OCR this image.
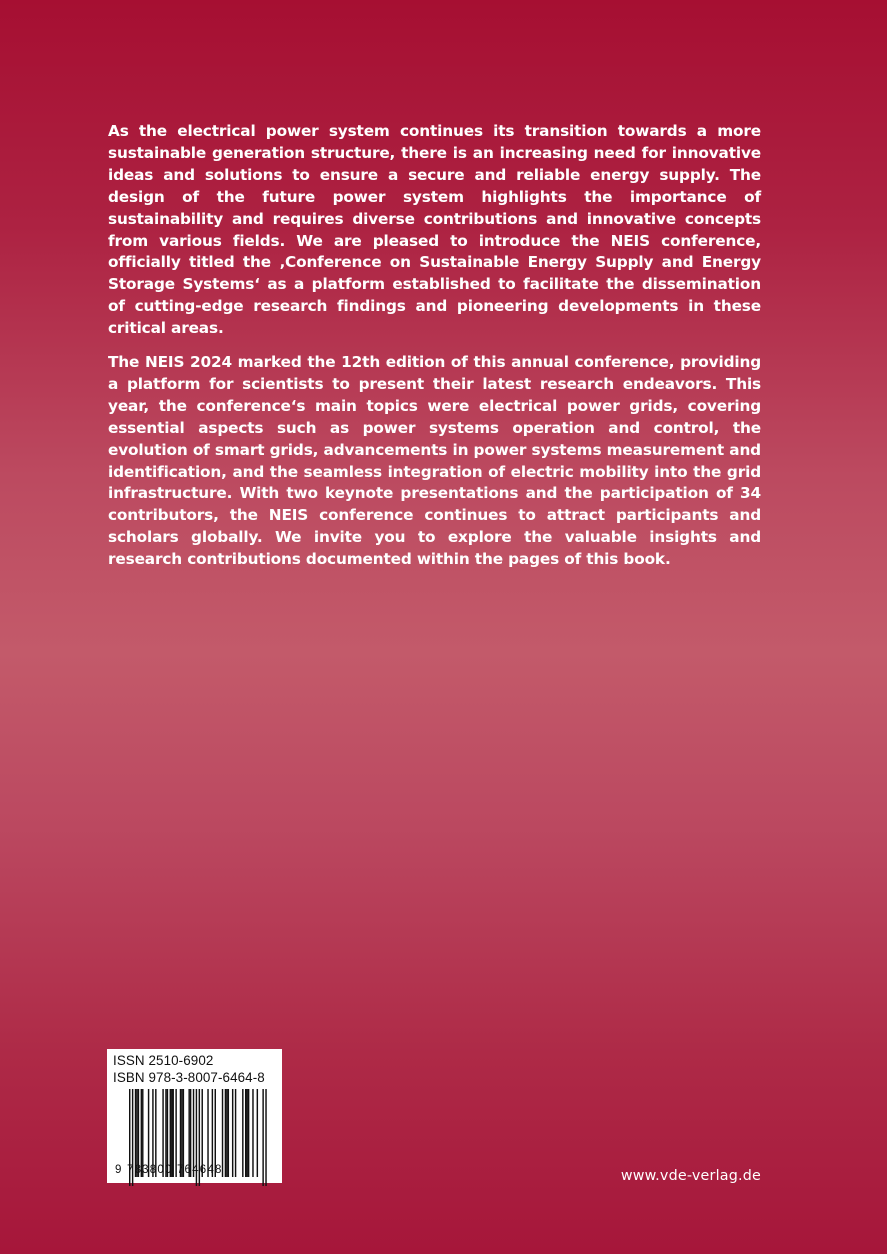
As the electrical power system continues its transition towards a more sustainable generation structure, there is an increasing need for innovative ideas and solutions to ensure a secure and reliable energy supply. The design of the future power system highlights the importance of sustainability and requires diverse contributions and innovative concepts from various fields. We are pleased to introduce the NEIS conference, officially titled the ‚Conference on Sustainable Energy Supply and Energy Storage Systems‘ as a platform established to facilitate the dissemination of cutting-edge research findings and pioneering developments in these critical areas.

The NEIS 2024 marked the 12th edition of this annual conference, providing a platform for scientists to present their latest research endeavors. This year, the conference‘s main topics were electrical power grids, covering essential aspects such as power systems operation and control, the evolution of smart grids, advancements in power systems measurement and identification, and the seamless integration of electric mobility into the grid infrastructure. With two keynote presentations and the participation of 34 contributors, the NEIS conference continues to attract participants and scholars globally. We invite you to explore the valuable insights and research contributions documented within the pages of this book.

ISSN 2510-6902
ISBN 978-3-8007-6464-8
9 783800 764648	www.vde-verlag.de
